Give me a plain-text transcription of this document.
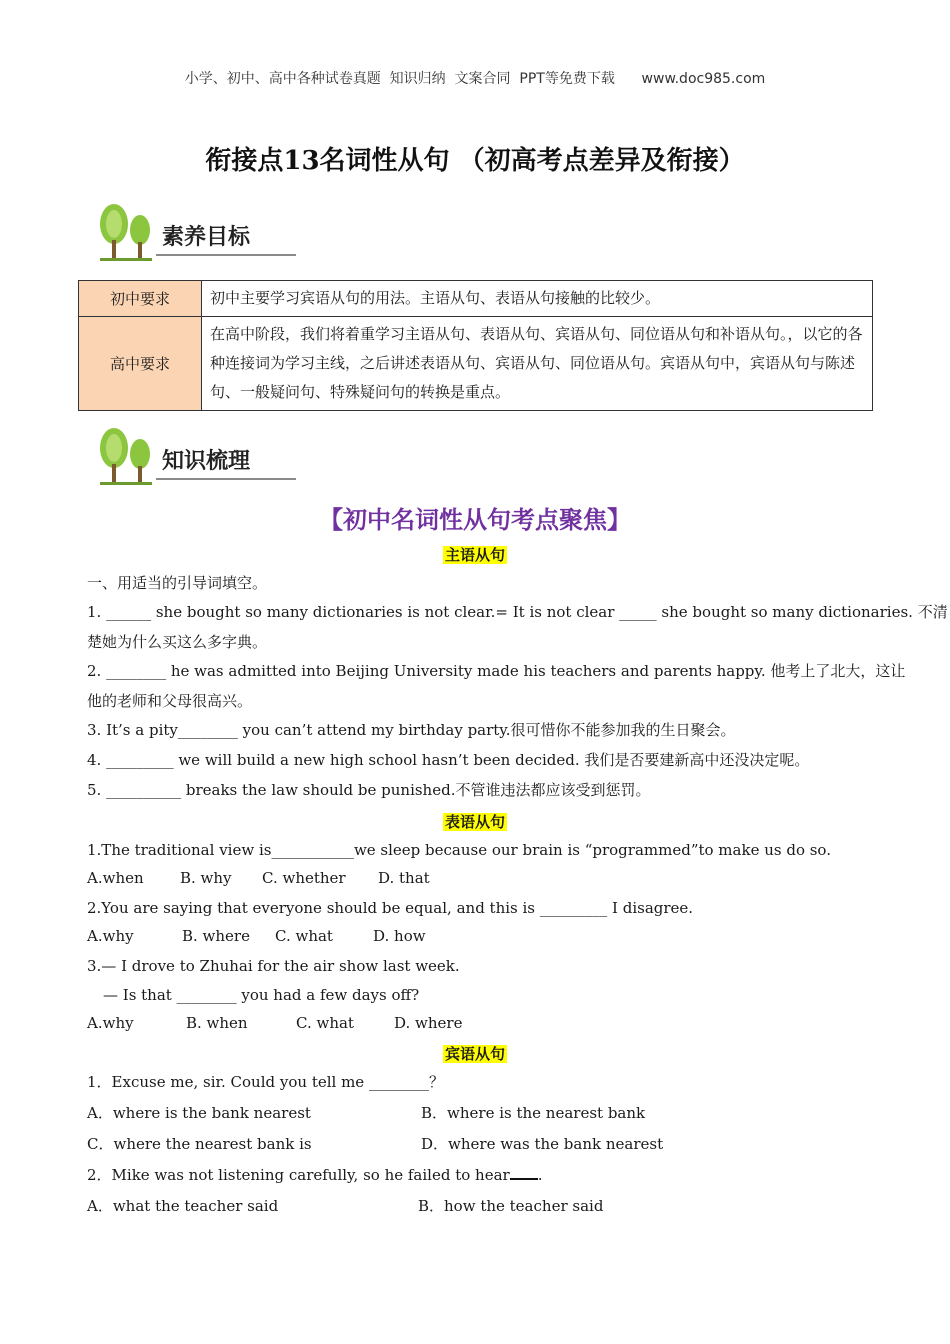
小学、初中、高中各种试卷真题  知识归纳  文案合同  PPT等免费下载      www.doc985.com
衔接点13名词性从句 （初高考点差异及衔接）
素养目标
初中要求	初中主要学习宾语从句的用法。主语从句、表语从句接触的比较少。
高中要求	在高中阶段，我们将着重学习主语从句、表语从句、宾语从句、同位语从句和补语从句。，以它的各种连接词为学习主线，之后讲述表语从句、宾语从句、同位语从句。宾语从句中，宾语从句与陈述句、一般疑问句、特殊疑问句的转换是重点。
知识梳理
【初中名词性从句考点聚焦】
主语从句
一、用适当的引导词填空。
1. ______ she bought so many dictionaries is not clear.= It is not clear _____ she bought so many dictionaries. 不清
楚她为什么买这么多字典。
2. ________ he was admitted into Beijing University made his teachers and parents happy. 他考上了北大，这让
他的老师和父母很高兴。
3. It’s a pity________ you can’t attend my birthday party.很可惜你不能参加我的生日聚会。
4. _________ we will build a new high school hasn’t been decided. 我们是否要建新高中还没决定呢。
5. __________ breaks the law should be punished.不管谁违法都应该受到惩罚。
表语从句
1.The traditional view is___________we sleep because our brain is “programmed”to make us do so.
A.when B. why C. whether D. that
2.You are saying that everyone should be equal, and this is _________ I disagree.
A.why	B. where C. what	D. how
3.— I drove to Zhuhai for the air show last week.
— Is that ________ you had a few days off?
A.why	B. when	C. what	D. where
宾语从句
1．Excuse me, sir. Could you tell me ________？
A．where is the bank nearest	B．where is the nearest bank
C．where the nearest bank is	D．where was the bank nearest
2．Mike was not listening carefully, so he failed to hear .
A．what the teacher said	B．how the teacher said
